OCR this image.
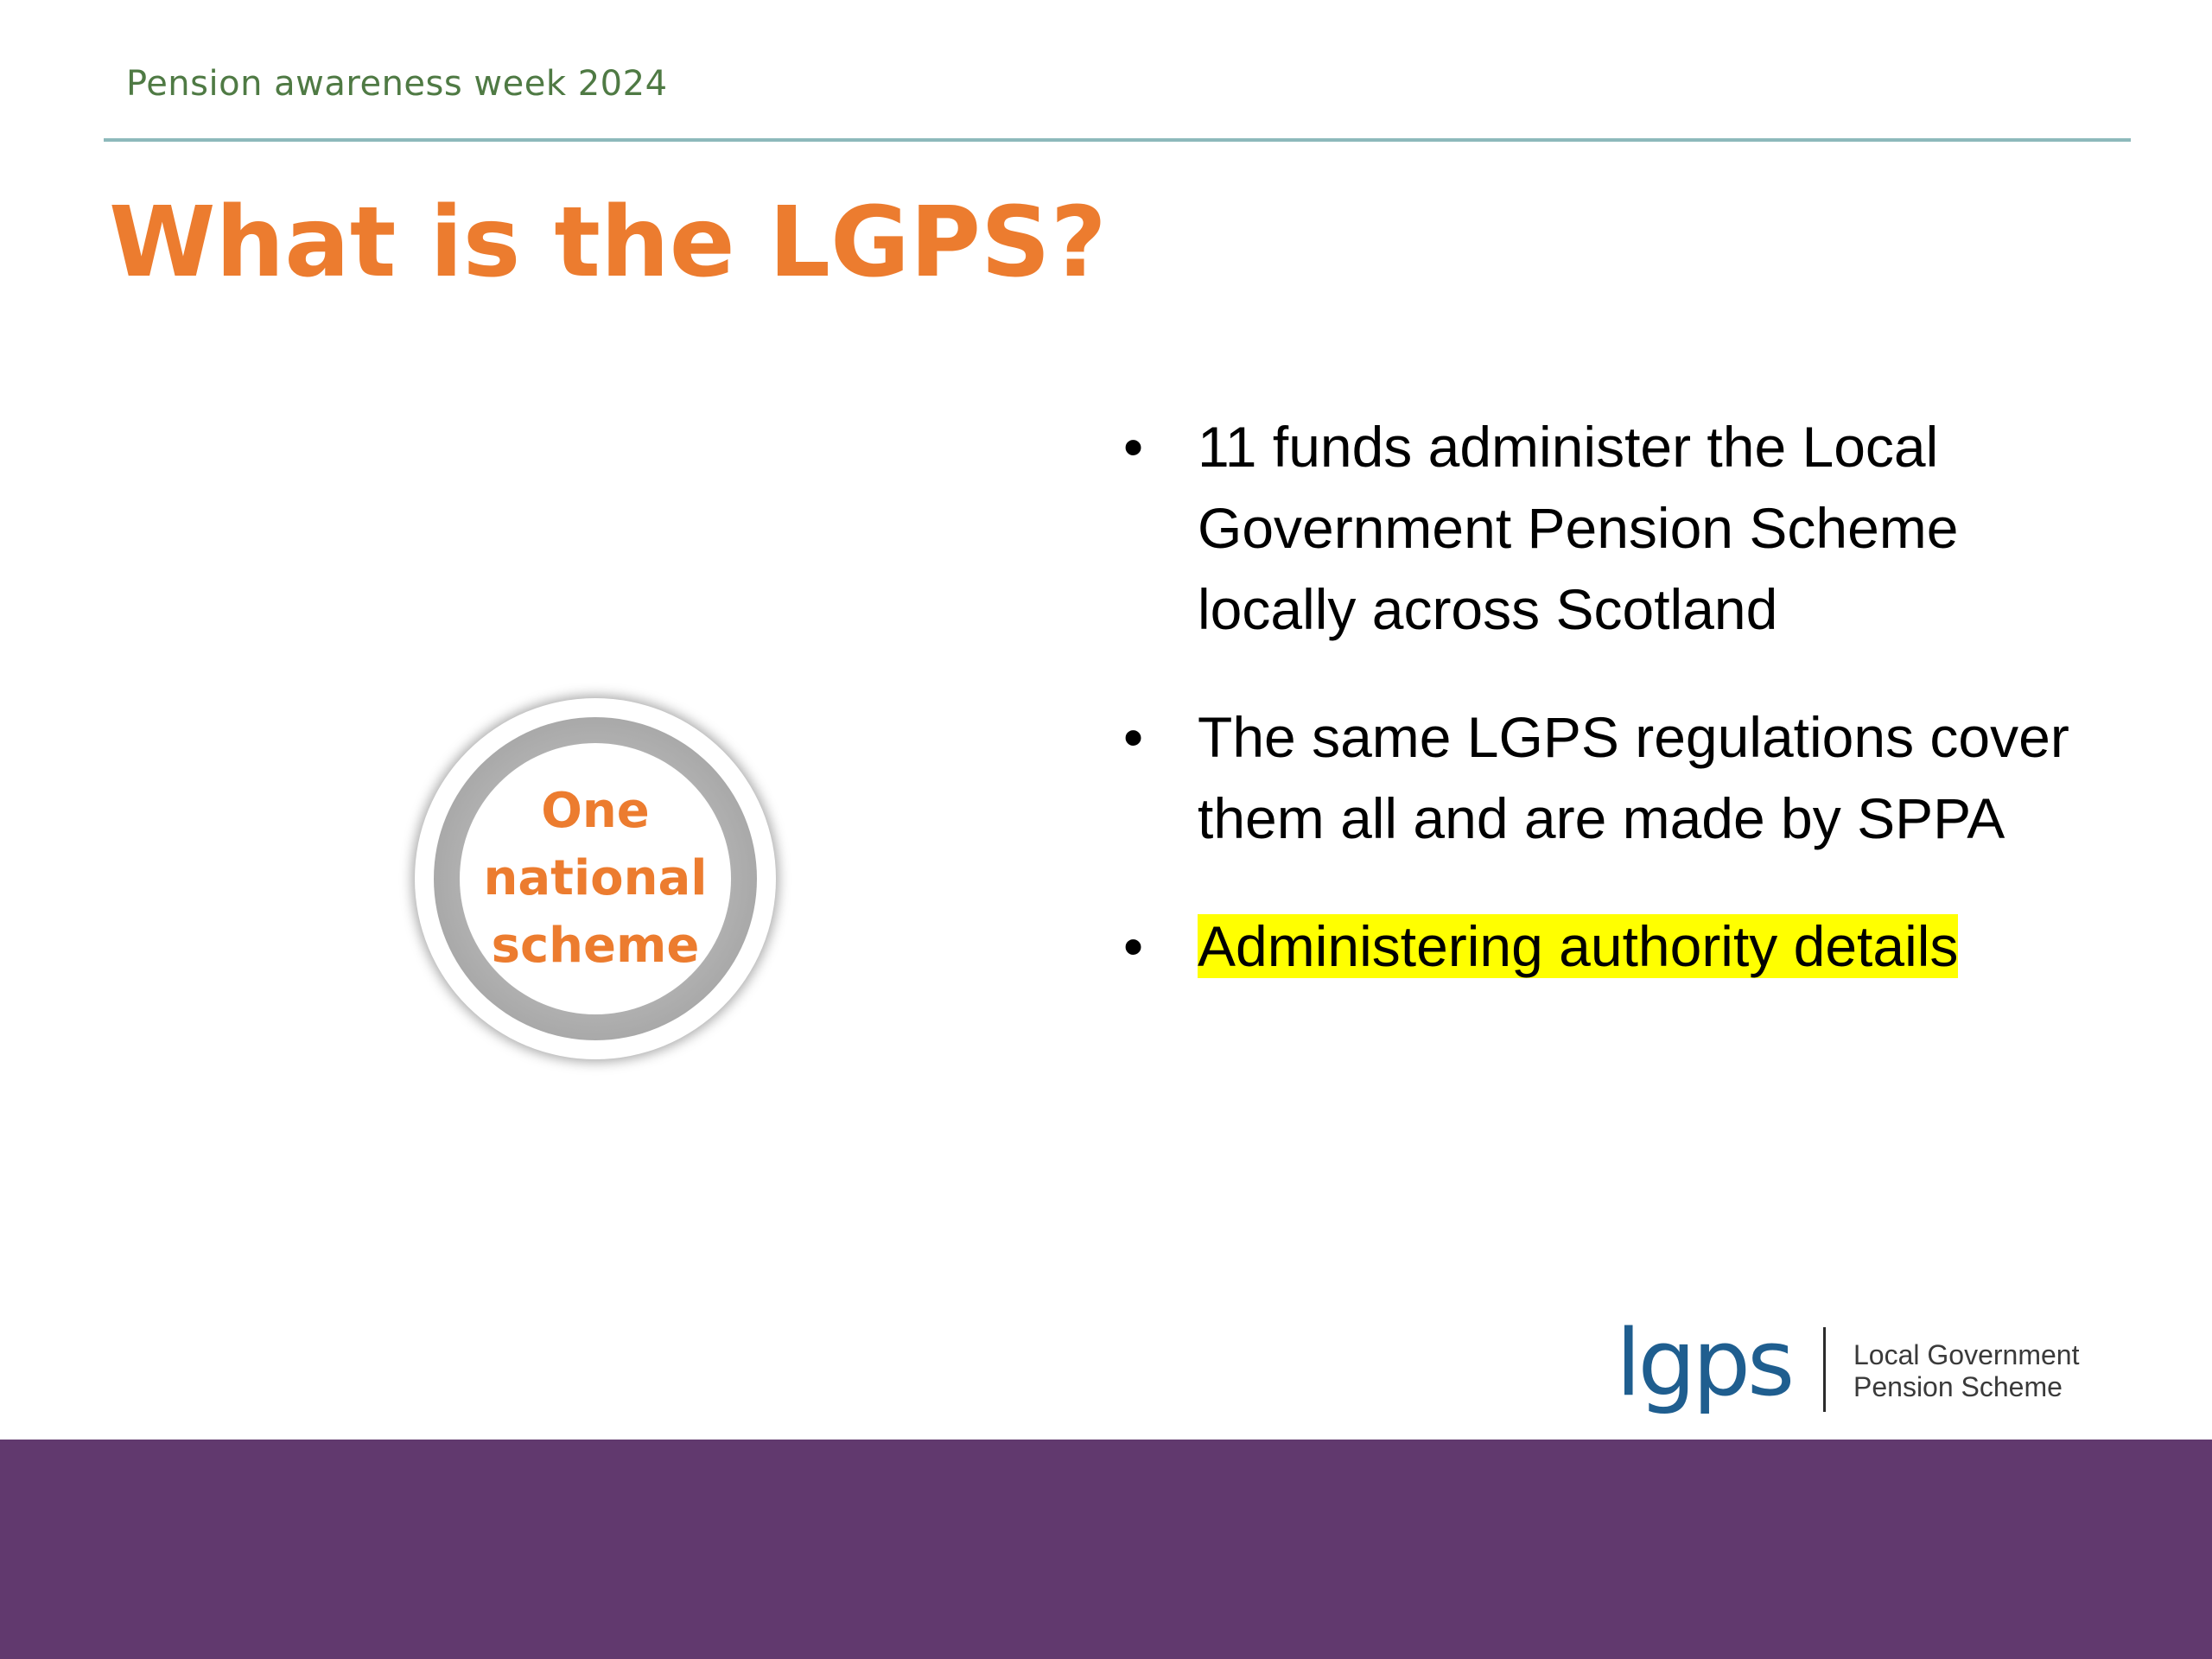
Pension awareness week 2024
What is the LGPS?
One
national
scheme
• 11 funds administer the Local Government Pension Scheme locally across Scotland
• The same LGPS regulations cover them all and are made by SPPA
• Administering authority details
lgps Local Government
Pension Scheme
